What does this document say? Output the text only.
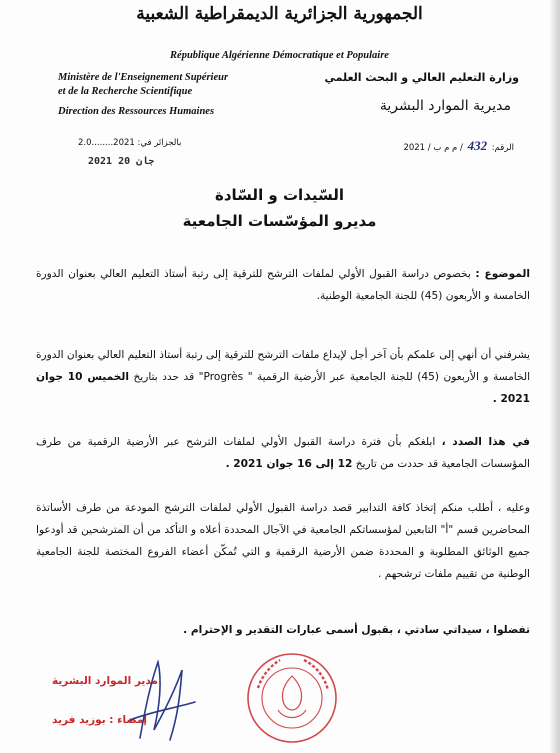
الجمهورية الجزائرية الديمقراطية الشعبية
République Algérienne Démocratique et Populaire
Ministère de l'Enseignement Supérieur
et de la Recherche Scientifique
Direction des Ressources Humaines
وزارة التعليم العالي و البحث العلمي
مديرية الموارد البشرية
الرقم: 432 / م م ب / 2021
بالجزائر في: 2021........2.0
2021 جان 20
السّيدات و السّادة
مديرو المؤسّسات الجامعية
الموضوع : بخصوص دراسة القبول الأولي لملفات الترشح للترقية إلى رتبة أستاذ التعليم العالي بعنوان الدورة الخامسة و الأربعون (45) للجنة الجامعية الوطنية.
يشرفني أن أنهي إلى علمكم بأن آخر أجل لإيداع ملفات الترشح للترقية إلى رتبة أستاذ التعليم العالي بعنوان الدورة الخامسة و الأربعون (45) للجنة الجامعية عبر الأرضية الرقمية " Progrès" قد حدد بتاريخ الخميس 10 جوان 2021 .
في هذا الصدد ، ابلغكم بأن فترة دراسة القبول الأولي لملفات الترشح عبر الأرضية الرقمية من طرف المؤسسات الجامعية قد حددت من تاريخ 12 إلى 16 جوان 2021 .
وعليه ، أطلب منكم إتخاذ كافة التدابير قصد دراسة القبول الأولي لملفات الترشح المودعة من طرف الأساتذة المحاضرين قسم "أ" التابعين لمؤسساتكم الجامعية في الآجال المحددة أعلاه و التأكد من أن المترشحين قد أودعوا جميع الوثائق المطلوبة و المحددة ضمن الأرضية الرقمية و التي تُمكّن أعضاء الفروع المختصة للجنة الجامعية الوطنية من تقييم ملفات ترشحهم .
تفضلوا ، سيداتي سادتي ، بقبول أسمى عبارات التقدير و الإحترام .
مدير الموارد البشرية
إمضاء : بوزيد فريد
